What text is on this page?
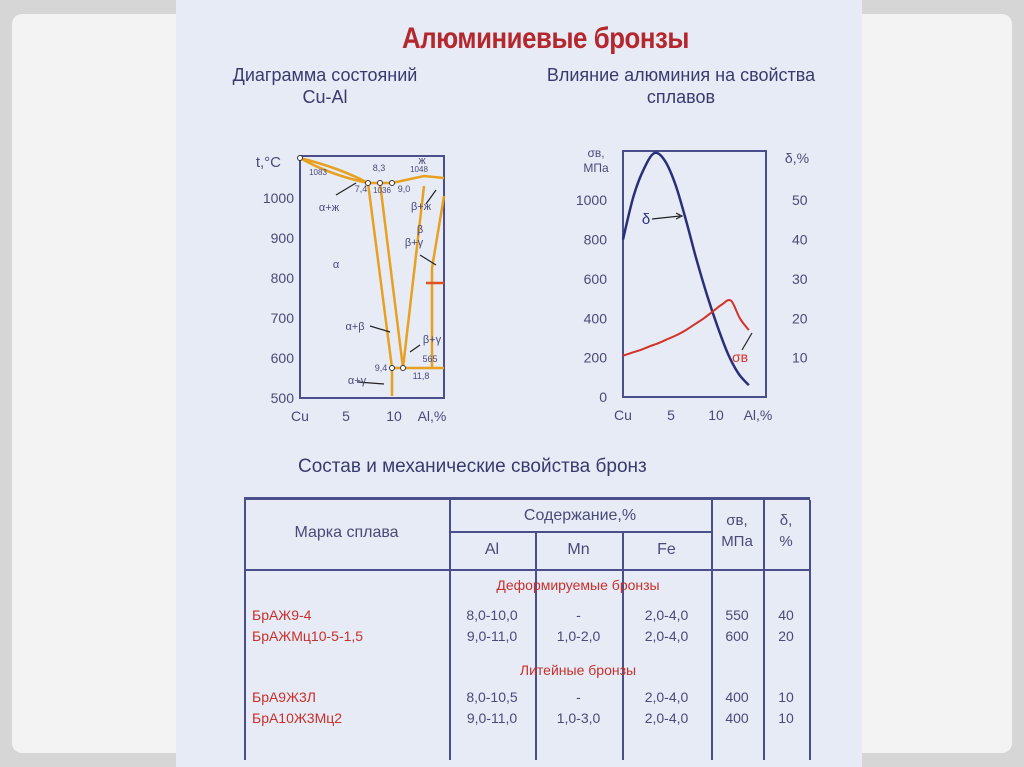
Алюминиевые бронзы
Диаграмма состояний
Cu-Al
Влияние алюминия на свойства
сплавов
t,°C
1000
900
800
700
600
500
Cu 5	10 Al,%
1083	8,3
7,4 1036 9,0
ж
1048
α+ж	β+ж
β
β+γ
α
α+β
β+γ
9,4
565
11,8
α+γ
σв,
МПа
δ,%
0
200
400
600
800
1000
10
20
30
40
50
Cu	5 10 Al,%
δ
σв
Состав и механические свойства бронз
Марка сплава
Содержание,%
Al	Mn	Fe
σв,
МПа
δ,
%
Деформируемые бронзы
БрАЖ9-4	8,0-10,0	-	2,0-4,0	550	40
БрАЖМц10-5-1,5	9,0-11,0	1,0-2,0	2,0-4,0	600	20
Литейные бронзы
БрА9Ж3Л	8,0-10,5	-	2,0-4,0	400	10
БрА10Ж3Мц2	9,0-11,0	1,0-3,0	2,0-4,0	400	10
